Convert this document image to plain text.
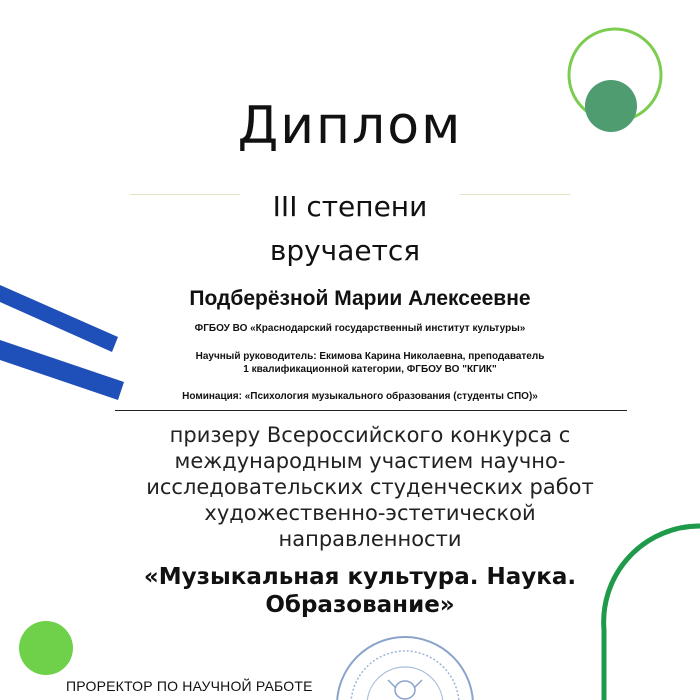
Диплом
III степени
вручается
Подберёзной Марии Алексеевне
ФГБОУ ВО «Краснодарский государственный институт культуры»
Научный руководитель: Екимова Карина Николаевна, преподаватель
1 квалификационной категории, ФГБОУ ВО "КГИК"
Номинация: «Психология музыкального образования (студенты СПО)»
призеру Всероссийского конкурса с
международным участием научно-
исследовательских студенческих работ
художественно-эстетической
направленности
«Музыкальная культура. Наука.
Образование»
ПРОРЕКТОР ПО НАУЧНОЙ РАБОТЕ
